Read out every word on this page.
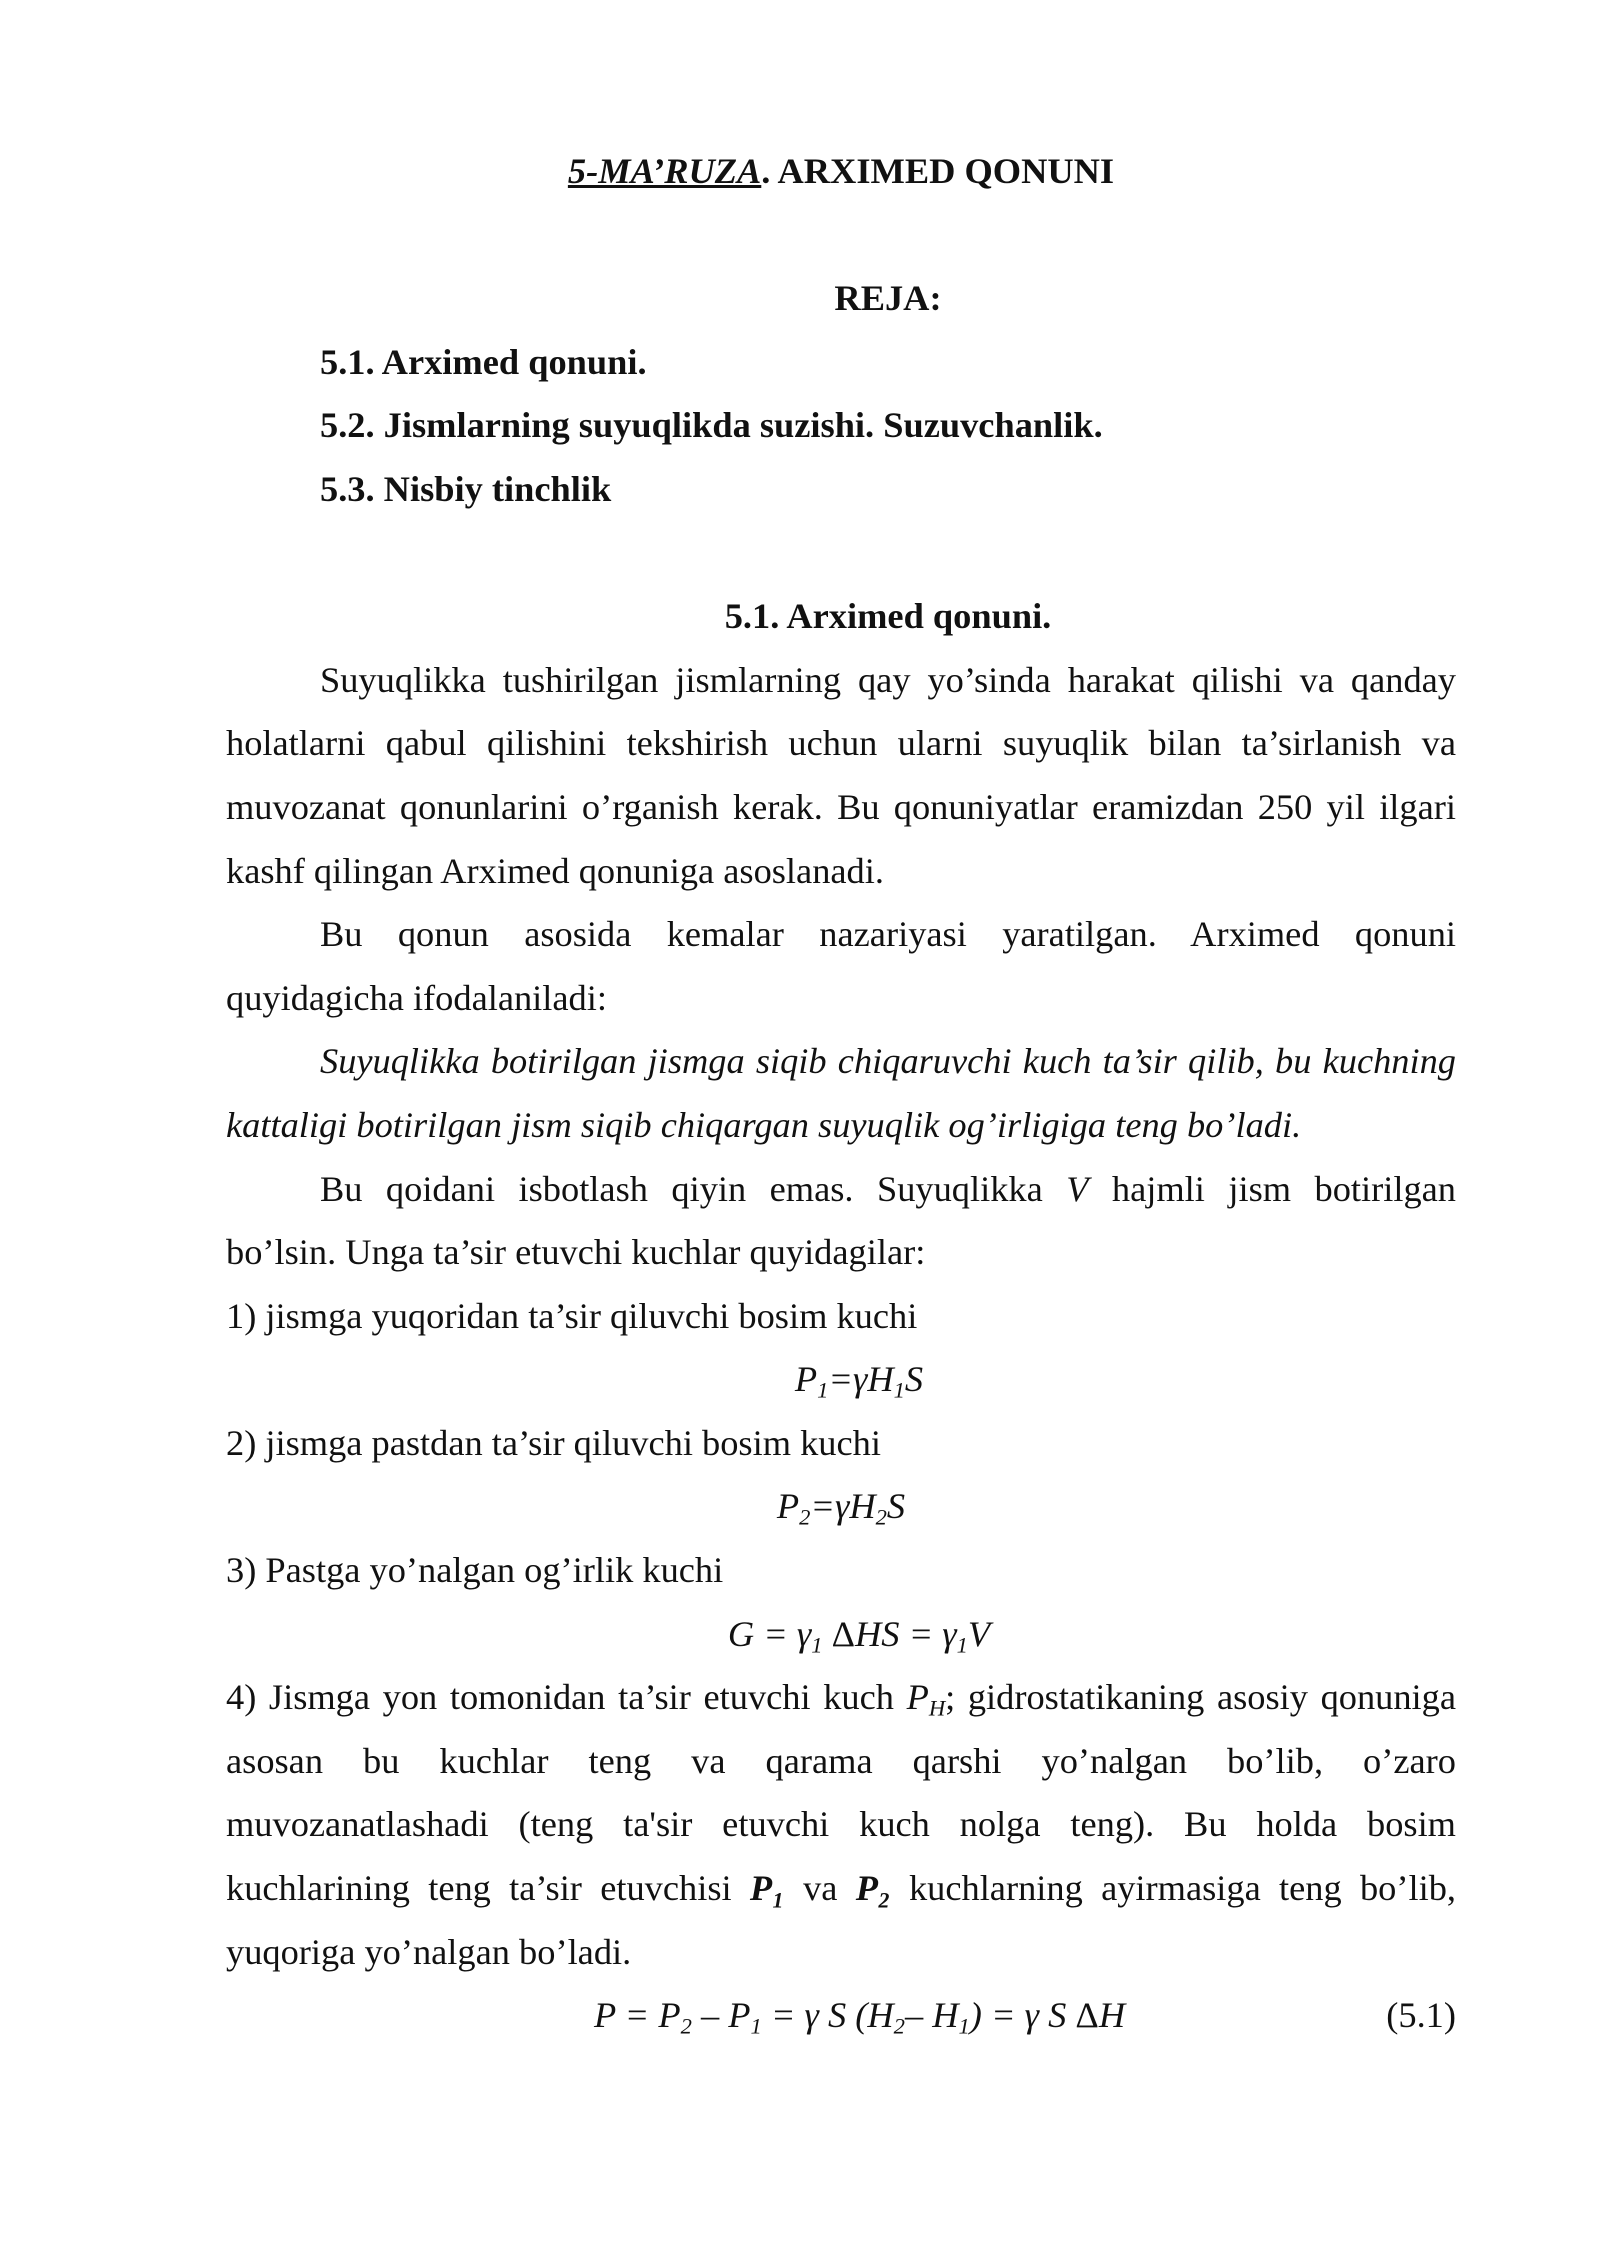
5-MA’RUZA. ARXIMED QONUNI
REJA:
5.1. Arximed qonuni.
5.2. Jismlarning suyuqlikda suzishi. Suzuvchanlik.
5.3. Nisbiy tinchlik
5.1. Arximed qonuni.
Suyuqlikka tushirilgan jismlarning qay yo’sinda harakat qilishi va qanday
holatlarni qabul qilishini tekshirish uchun ularni suyuqlik bilan ta’sirlanish va
muvozanat qonunlarini o’rganish kerak. Bu qonuniyatlar eramizdan 250 yil ilgari
kashf qilingan Arximed qonuniga asoslanadi.
Bu qonun asosida kemalar nazariyasi yaratilgan. Arximed qonuni
quyidagicha ifodalaniladi:
Suyuqlikka botirilgan jismga siqib chiqaruvchi kuch ta’sir qilib, bu kuchning
kattaligi botirilgan jism siqib chiqargan suyuqlik og’irligiga teng bo’ladi.
Bu qoidani isbotlash qiyin emas. Suyuqlikka V hajmli jism botirilgan
bo’lsin. Unga ta’sir etuvchi kuchlar quyidagilar:
1) jismga yuqoridan ta’sir qiluvchi bosim kuchi
$P_1=\gamma H_1S$
2) jismga pastdan ta’sir qiluvchi bosim kuchi
$P_2=\gamma H_2S$
3) Pastga yo’nalgan og’irlik kuchi
$G = \gamma_1$ $\Delta HS = \gamma_1V$
4) Jismga yon tomonidan ta’sir etuvchi kuch $P_H$; gidrostatikaning asosiy qonuniga
asosan bu kuchlar teng va qarama qarshi yo’nalgan bo’lib, o’zaro
muvozanatlashadi (teng ta'sir etuvchi kuch nolga teng). Bu holda bosim
kuchlarining teng ta’sir etuvchisi P₁ va P₂ kuchlarning ayirmasiga teng bo’lib,
yuqoriga yo’nalgan bo’ladi.
$P = P_2 - P_1 = \gamma$ S ($H_2-$ $H_1) = \gamma$ S ΔH	(5.1)
